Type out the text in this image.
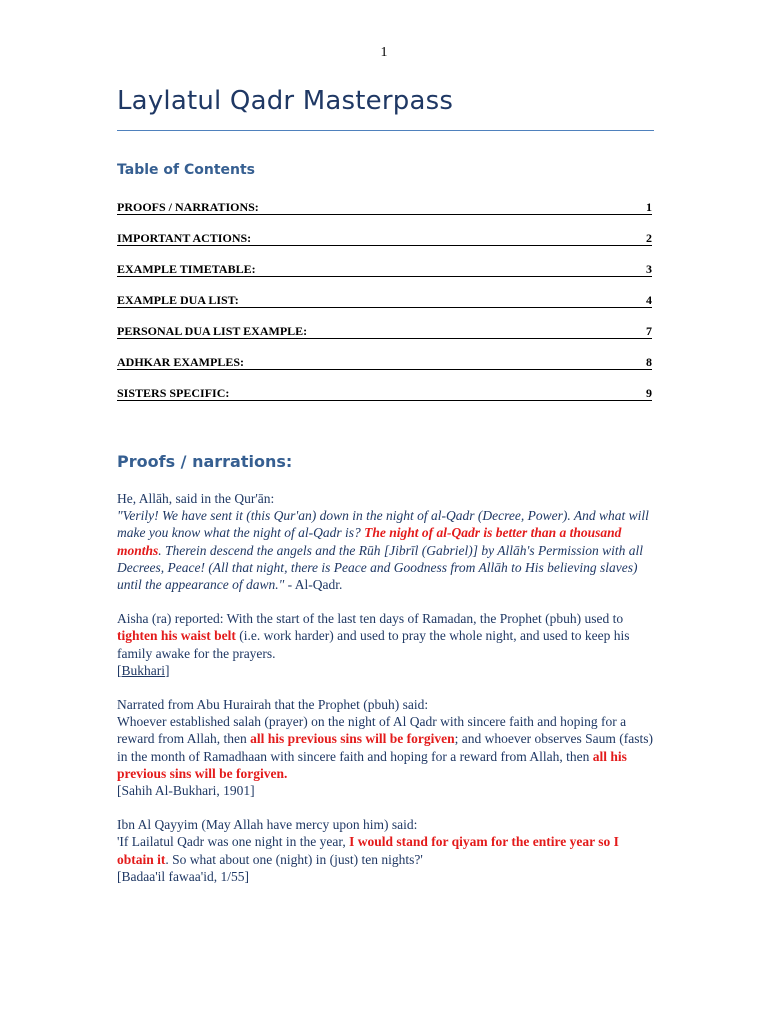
1
Laylatul Qadr Masterpass
Table of Contents
PROOFS / NARRATIONS:	1
IMPORTANT ACTIONS:	2
EXAMPLE TIMETABLE:	3
EXAMPLE DUA LIST:	4
PERSONAL DUA LIST EXAMPLE:	7
ADHKAR EXAMPLES:	8
SISTERS SPECIFIC:	9
Proofs / narrations:

He, Allāh, said in the Qur'ān:
"Verily! We have sent it (this Qur'an) down in the night of al-Qadr (Decree, Power). And what will make you know what the night of al-Qadr is? The night of al-Qadr is better than a thousand months. Therein descend the angels and the Rūh [Jibrīl (Gabriel)] by Allāh's Permission with all Decrees, Peace! (All that night, there is Peace and Goodness from Allāh to His believing slaves) until the appearance of dawn." - Al-Qadr.

Aisha (ra) reported: With the start of the last ten days of Ramadan, the Prophet (pbuh) used to tighten his waist belt (i.e. work harder) and used to pray the whole night, and used to keep his family awake for the prayers.
[Bukhari]

Narrated from Abu Hurairah that the Prophet (pbuh) said:
Whoever established salah (prayer) on the night of Al Qadr with sincere faith and hoping for a reward from Allah, then all his previous sins will be forgiven; and whoever observes Saum (fasts) in the month of Ramadhaan with sincere faith and hoping for a reward from Allah, then all his previous sins will be forgiven.
[Sahih Al-Bukhari, 1901]

Ibn Al Qayyim (May Allah have mercy upon him) said:
'If Lailatul Qadr was one night in the year, I would stand for qiyam for the entire year so I obtain it. So what about one (night) in (just) ten nights?'
[Badaa'il fawaa'id, 1/55]
